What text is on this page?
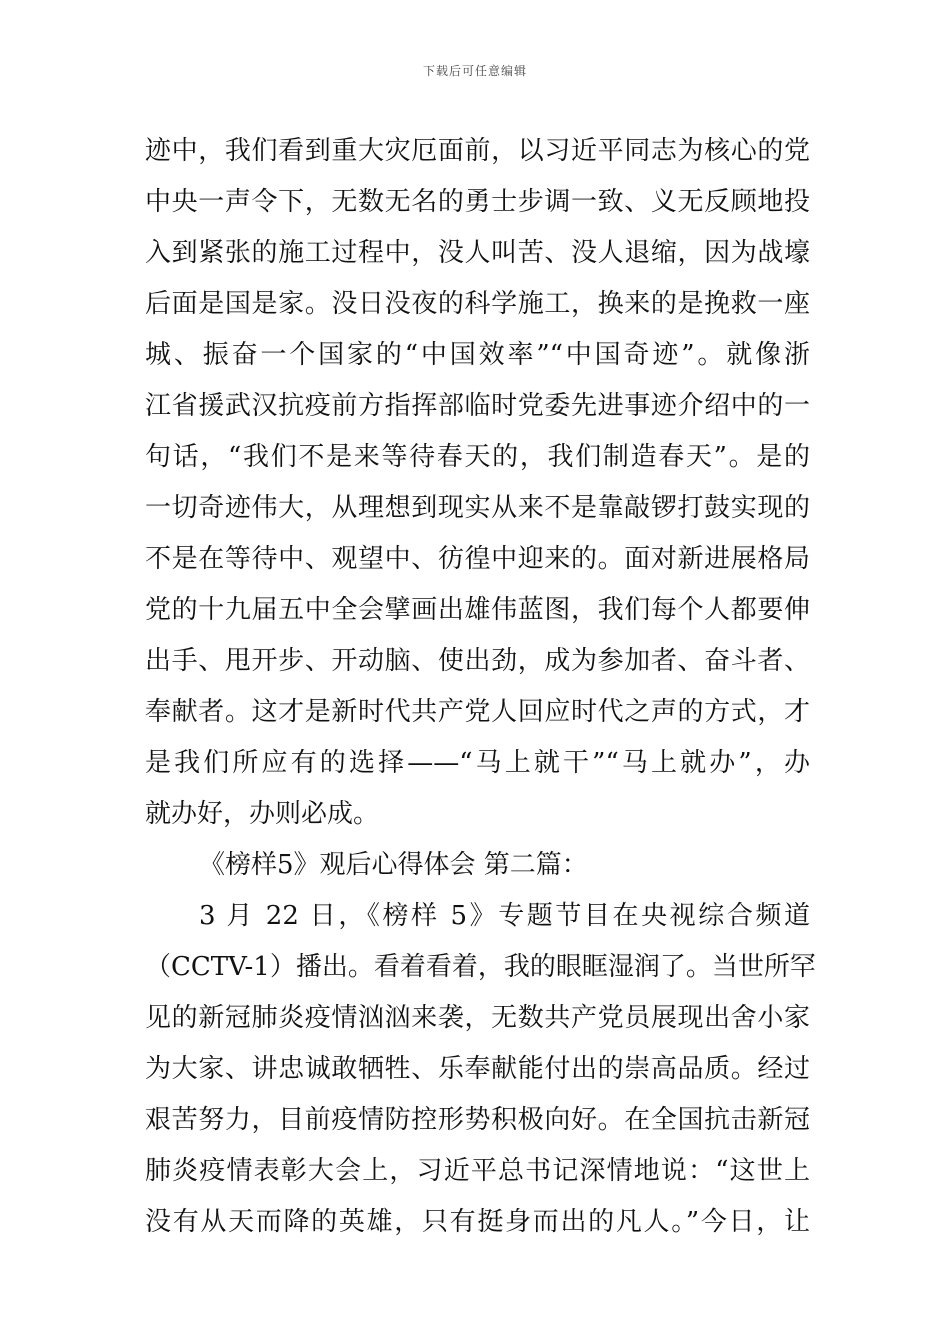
下载后可任意编辑
迹中，我们看到重大灾厄面前，以习近平同志为核心的党
中央一声令下，无数无名的勇士步调一致、义无反顾地投
入到紧张的施工过程中，没人叫苦、没人退缩，因为战壕
后面是国是家。没日没夜的科学施工，换来的是挽救一座
城、振奋一个国家的“中国效率”“中国奇迹”。就像浙
江省援武汉抗疫前方指挥部临时党委先进事迹介绍中的一
句话，“我们不是来等待春天的，我们制造春天”。是的
一切奇迹伟大，从理想到现实从来不是靠敲锣打鼓实现的
不是在等待中、观望中、彷徨中迎来的。面对新进展格局
党的十九届五中全会擘画出雄伟蓝图，我们每个人都要伸
出手、甩开步、开动脑、使出劲，成为参加者、奋斗者、
奉献者。这才是新时代共产党人回应时代之声的方式，才
是我们所应有的选择——“马上就干”“马上就办”，办
就办好，办则必成。
《榜样5》观后心得体会 第二篇：
3 月 22 日，《榜样 5》专题节目在央视综合频道
（CCTV-1）播出。看着看着，我的眼眶湿润了。当世所罕
见的新冠肺炎疫情汹汹来袭，无数共产党员展现出舍小家
为大家、讲忠诚敢牺牲、乐奉献能付出的崇高品质。经过
艰苦努力，目前疫情防控形势积极向好。在全国抗击新冠
肺炎疫情表彰大会上，习近平总书记深情地说：“这世上
没有从天而降的英雄，只有挺身而出的凡人。”今日，让
